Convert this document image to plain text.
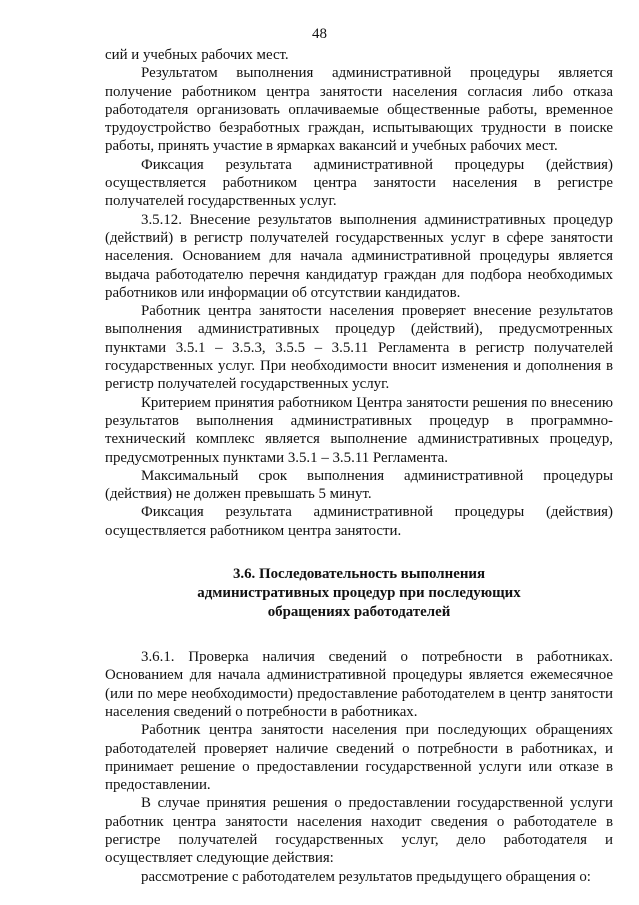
48

сий и учебных рабочих мест.

Результатом выполнения административной процедуры является получение работником центра занятости населения согласия либо отказа работодателя организовать оплачиваемые общественные работы, временное трудоустройство безработных граждан, испытывающих трудности в поиске работы, принять участие в ярмарках вакансий и учебных рабочих мест.

Фиксация результата административной процедуры (действия) осуществляется работником центра занятости населения в регистре получателей государственных услуг.

3.5.12. Внесение результатов выполнения административных процедур (действий) в регистр получателей государственных услуг в сфере занятости населения. Основанием для начала административной процедуры является выдача работодателю перечня кандидатур граждан для подбора необходимых работников или информации об отсутствии кандидатов.

Работник центра занятости населения проверяет внесение результатов выполнения административных процедур (действий), предусмотренных пунктами 3.5.1 – 3.5.3, 3.5.5 – 3.5.11 Регламента в регистр получателей государственных услуг. При необходимости вносит изменения и дополнения в регистр получателей государственных услуг.

Критерием принятия работником Центра занятости решения по внесению результатов выполнения административных процедур в программно-технический комплекс является выполнение административных процедур, предусмотренных пунктами 3.5.1 – 3.5.11 Регламента.

Максимальный срок выполнения административной процедуры (действия) не должен превышать 5 минут.

Фиксация результата административной процедуры (действия) осуществляется работником центра занятости.

3.6. Последовательность выполнения
административных процедур при последующих
обращениях работодателей

3.6.1. Проверка наличия сведений о потребности в работниках. Основанием для начала административной процедуры является ежемесячное (или по мере необходимости) предоставление работодателем в центр занятости населения сведений о потребности в работниках.

Работник центра занятости населения при последующих обращениях работодателей проверяет наличие сведений о потребности в работниках, и принимает решение о предоставлении государственной услуги или отказе в предоставлении.

В случае принятия решения о предоставлении государственной услуги работник центра занятости населения находит сведения о работодателе в регистре получателей государственных услуг, дело работодателя и осуществляет следующие действия:

рассмотрение с работодателем результатов предыдущего обращения о:
